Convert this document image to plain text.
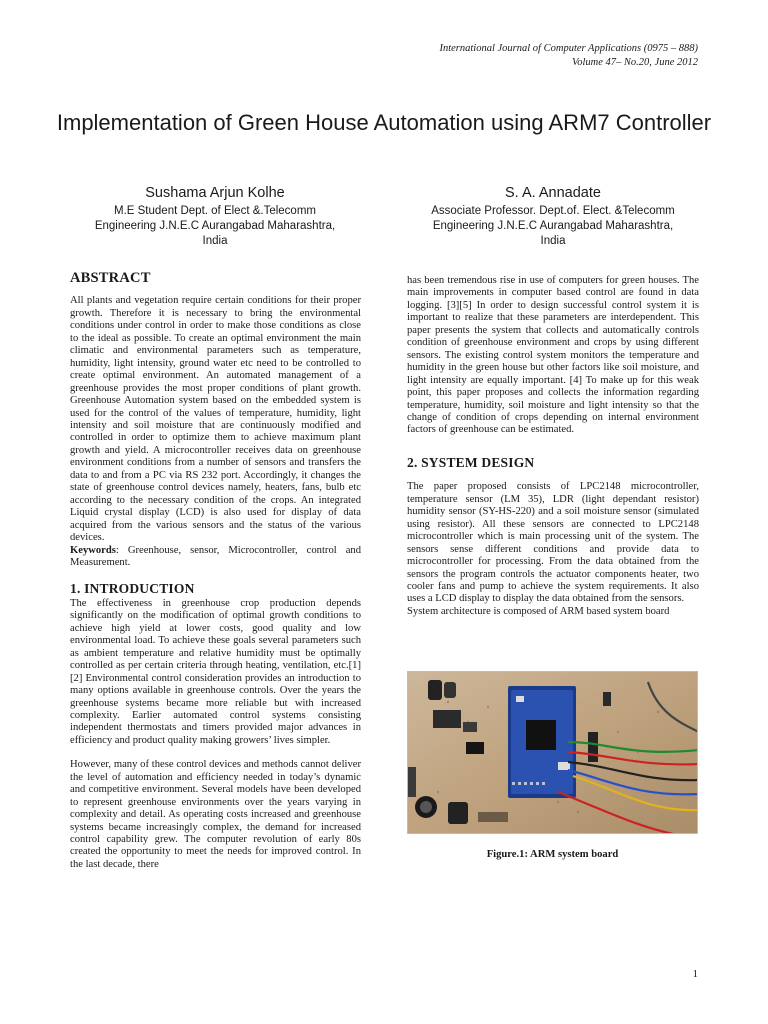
International Journal of Computer Applications (0975 – 888)
Volume 47– No.20, June 2012
Implementation of Green House Automation using ARM7 Controller
Sushama Arjun Kolhe
M.E Student Dept. of Elect &.Telecomm
Engineering J.N.E.C Aurangabad Maharashtra,
India
S. A. Annadate
Associate Professor. Dept.of. Elect. &Telecomm
Engineering J.N.E.C Aurangabad Maharashtra,
India
ABSTRACT

All plants and vegetation require certain conditions for their proper growth. Therefore it is necessary to bring the environmental conditions under control in order to make those conditions as close to the ideal as possible. To create an optimal environment the main climatic and environmental parameters such as temperature, humidity, light intensity, ground water etc need to be controlled to create optimal environment. An automated management of a greenhouse provides the most proper conditions of plant growth. Greenhouse Automation system based on the embedded system is used for the control of the values of temperature, humidity, light intensity and soil moisture that are continuously modified and controlled in order to optimize them to achieve maximum plant growth and yield. A microcontroller receives data on greenhouse environment conditions from a number of sensors and transfers the data to and from a PC via RS 232 port. Accordingly, it changes the state of greenhouse control devices namely, heaters, fans, bulb etc according to the necessary condition of the crops. An integrated Liquid crystal display (LCD) is also used for display of data acquired from the various sensors and the status of the various devices.

Keywords: Greenhouse, sensor, Microcontroller, control and Measurement.

1. INTRODUCTION

The effectiveness in greenhouse crop production depends significantly on the modification of optimal growth conditions to achieve high yield at lower costs, good quality and low environmental load. To achieve these goals several parameters such as ambient temperature and relative humidity must be optimally controlled as per certain criteria through heating, ventilation, etc.[1][2] Environmental control consideration provides an introduction to many options available in greenhouse controls. Over the years the greenhouse systems became more reliable but with increased complexity. Earlier automated control systems consisting independent thermostats and timers provided major advances in efficiency and product quality making growers’ lives simpler.

However, many of these control devices and methods cannot deliver the level of automation and efficiency needed in today’s dynamic and competitive environment. Several models have been developed to represent greenhouse environments over the years varying in complexity and detail. As operating costs increased and greenhouse systems became increasingly complex, the demand for increased control capability grew. The computer revolution of early 80s created the opportunity to meet the needs for improved control. In the last decade, there

has been tremendous rise in use of computers for green houses. The main improvements in computer based control are found in data logging. [3][5] In order to design successful control system it is important to realize that these parameters are interdependent. This paper presents the system that collects and automatically controls condition of greenhouse environment and crops by using different sensors. The existing control system monitors the temperature and humidity in the green house but other factors like soil moisture, and light intensity are equally important. [4] To make up for this weak point, this paper proposes and collects the information regarding temperature, humidity, soil moisture and light intensity so that the change of condition of crops depending on internal environment factors of greenhouse can be estimated.

2. SYSTEM DESIGN

The paper proposed consists of LPC2148 microcontroller, temperature sensor (LM 35), LDR (light dependant resistor) humidity sensor (SY-HS-220) and a soil moisture sensor (simulated using resistor). All these sensors are connected to LPC2148 microcontroller which is main processing unit of the system. The sensors sense different conditions and provide data to microcontroller for processing. From the data obtained from the sensors the program controls the actuator components heater, two cooler fans and pump to achieve the system requirements. It also uses a LCD display to display the data obtained from the sensors.

System architecture is composed of ARM based system board

Figure.1: ARM system board
1
